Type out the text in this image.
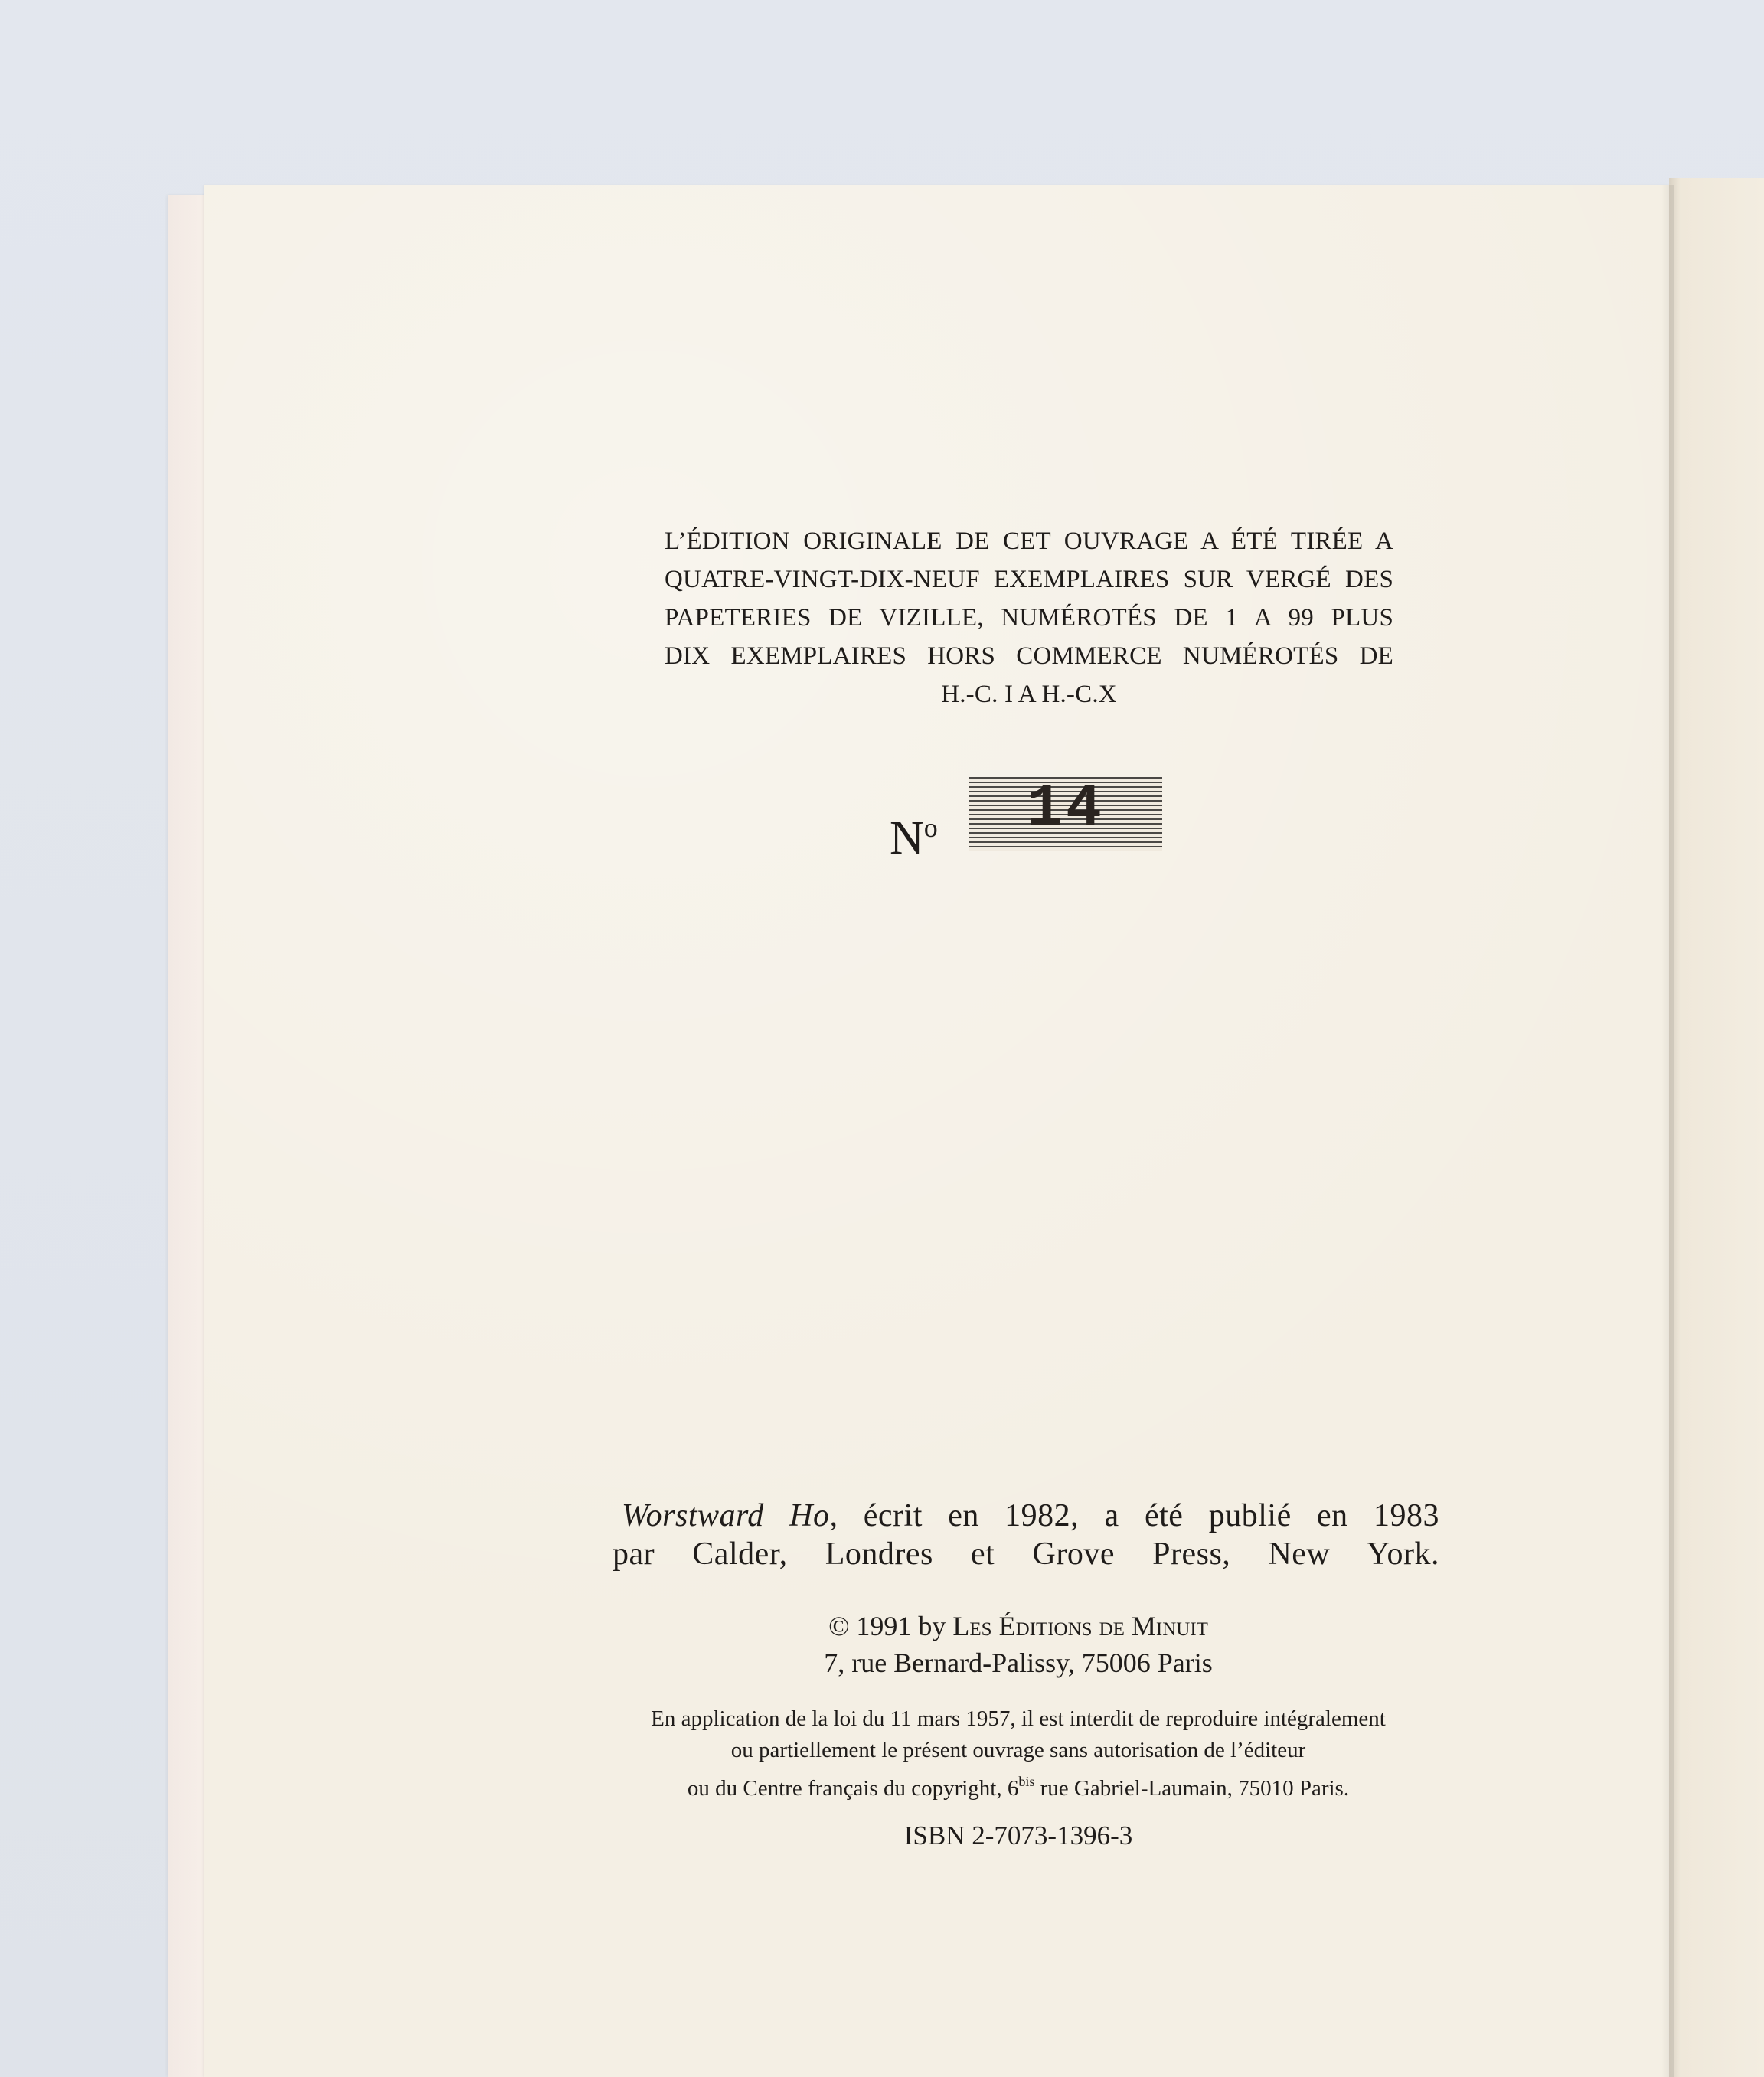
L’ÉDITION ORIGINALE DE CET OUVRAGE A ÉTÉ TIRÉE A
QUATRE-VINGT-DIX-NEUF EXEMPLAIRES SUR VERGÉ DES
PAPETERIES DE VIZILLE, NUMÉROTÉS DE 1 A 99 PLUS
DIX EXEMPLAIRES HORS COMMERCE NUMÉROTÉS DE
H.-C. I A H.-C.X
$N^o$	14
Worstward Ho, écrit en 1982, a été publié en 1983
par Calder, Londres et Grove Press, New York.
© 1991 by Les Éditions de Minuit
7, rue Bernard-Palissy, 75006 Paris
En application de la loi du 11 mars 1957, il est interdit de reproduire intégralement
ou partiellement le présent ouvrage sans autorisation de l’éditeur
ou du Centre français du copyright, $6^{bis}$ rue Gabriel-Laumain, 75010 Paris.
ISBN 2-7073-1396-3
